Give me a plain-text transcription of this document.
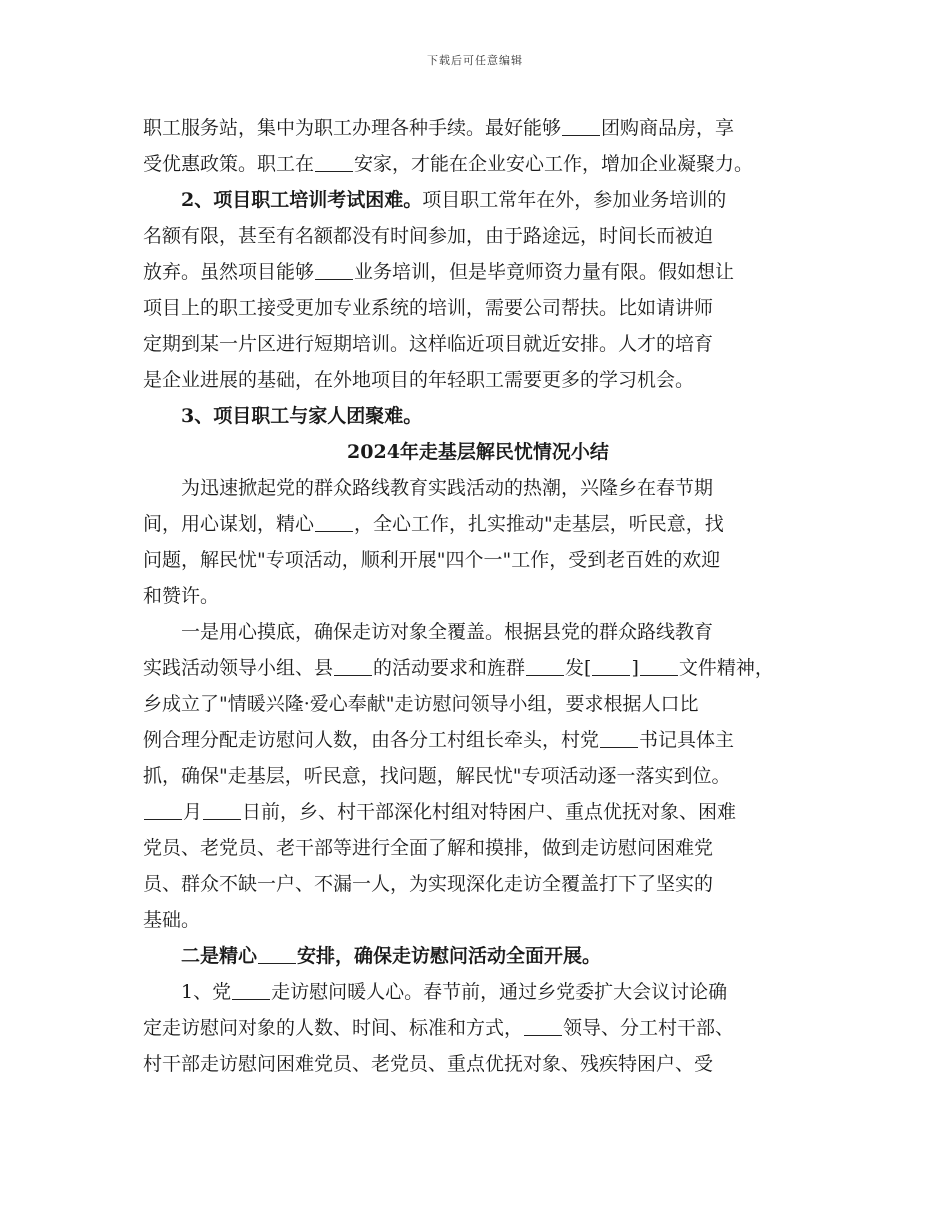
下载后可任意编辑
职工服务站，集中为职工办理各种手续。最好能够 团购商品房，享
受优惠政策。职工在 安家，才能在企业安心工作，增加企业凝聚力。
　　2、项目职工培训考试困难。项目职工常年在外，参加业务培训的
名额有限，甚至有名额都没有时间参加，由于路途远，时间长而被迫
放弃。虽然项目能够 业务培训，但是毕竟师资力量有限。假如想让
项目上的职工接受更加专业系统的培训，需要公司帮扶。比如请讲师
定期到某一片区进行短期培训。这样临近项目就近安排。人才的培育
是企业进展的基础，在外地项目的年轻职工需要更多的学习机会。
　　3、项目职工与家人团聚难。
2024年走基层解民忧情况小结
　　为迅速掀起党的群众路线教育实践活动的热潮，兴隆乡在春节期
间，用心谋划，精心 ，全心工作，扎实推动"走基层，听民意，找
问题，解民忧"专项活动，顺利开展"四个一"工作，受到老百姓的欢迎
和赞许。
　　一是用心摸底，确保走访对象全覆盖。根据县党的群众路线教育
实践活动领导小组、县 的活动要求和旌群 发[ ] 文件精神，
乡成立了"情暖兴隆·爱心奉献"走访慰问领导小组，要求根据人口比
例合理分配走访慰问人数，由各分工村组长牵头，村党 书记具体主
抓，确保"走基层，听民意，找问题，解民忧"专项活动逐一落实到位。
月 日前，乡、村干部深化村组对特困户、重点优抚对象、困难
党员、老党员、老干部等进行全面了解和摸排，做到走访慰问困难党
员、群众不缺一户、不漏一人，为实现深化走访全覆盖打下了坚实的
基础。
　　二是精心 安排，确保走访慰问活动全面开展。
　　1、党 走访慰问暖人心。春节前，通过乡党委扩大会议讨论确
定走访慰问对象的人数、时间、标准和方式， 领导、分工村干部、
村干部走访慰问困难党员、老党员、重点优抚对象、残疾特困户、受
